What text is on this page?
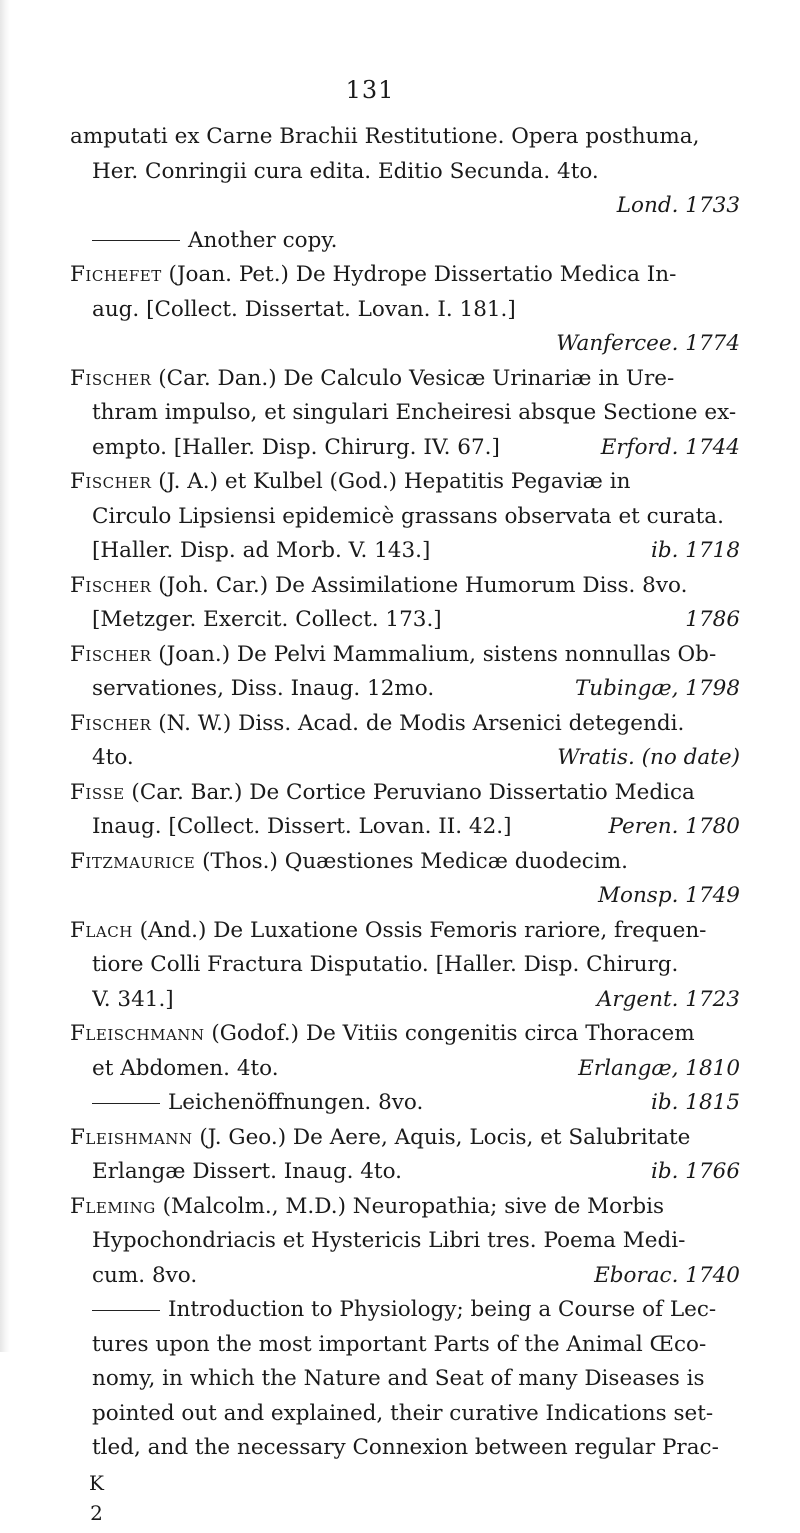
131
amputati ex Carne Brachii Restitutione. Opera posthuma,
Her. Conringii cura edita. Editio Secunda. 4to.
Lond. 1733
Another copy.
Fichefet (Joan. Pet.) De Hydrope Dissertatio Medica In-
aug. [Collect. Dissertat. Lovan. I. 181.]
Wanfercee. 1774
Fischer (Car. Dan.) De Calculo Vesicæ Urinariæ in Ure-
thram impulso, et singulari Encheiresi absque Sectione ex-
empto. [Haller. Disp. Chirurg. IV. 67.]	Erford. 1744
Fischer (J. A.) et Kulbel (God.) Hepatitis Pegaviæ in
Circulo Lipsiensi epidemicè grassans observata et curata.
[Haller. Disp. ad Morb. V. 143.]	ib. 1718
Fischer (Joh. Car.) De Assimilatione Humorum Diss. 8vo.
[Metzger. Exercit. Collect. 173.]	1786
Fischer (Joan.) De Pelvi Mammalium, sistens nonnullas Ob-
servationes, Diss. Inaug. 12mo.	Tubingæ, 1798
Fischer (N. W.) Diss. Acad. de Modis Arsenici detegendi.
4to.	Wratis. (no date)
Fisse (Car. Bar.) De Cortice Peruviano Dissertatio Medica
Inaug. [Collect. Dissert. Lovan. II. 42.]	Peren. 1780
Fitzmaurice (Thos.) Quæstiones Medicæ duodecim.
Monsp. 1749
Flach (And.) De Luxatione Ossis Femoris rariore, frequen-
tiore Colli Fractura Disputatio. [Haller. Disp. Chirurg.
V. 341.]	Argent. 1723
Fleischmann (Godof.) De Vitiis congenitis circa Thoracem
et Abdomen. 4to.	Erlangæ, 1810
Leichenöffnungen. 8vo.	ib. 1815
Fleishmann (J. Geo.) De Aere, Aquis, Locis, et Salubritate
Erlangæ Dissert. Inaug. 4to.	ib. 1766
Fleming (Malcolm., M.D.) Neuropathia; sive de Morbis
Hypochondriacis et Hystericis Libri tres. Poema Medi-
cum. 8vo.	Eborac. 1740
Introduction to Physiology; being a Course of Lec-
tures upon the most important Parts of the Animal Œco-
nomy, in which the Nature and Seat of many Diseases is
pointed out and explained, their curative Indications set-
tled, and the necessary Connexion between regular Prac-
K 2
